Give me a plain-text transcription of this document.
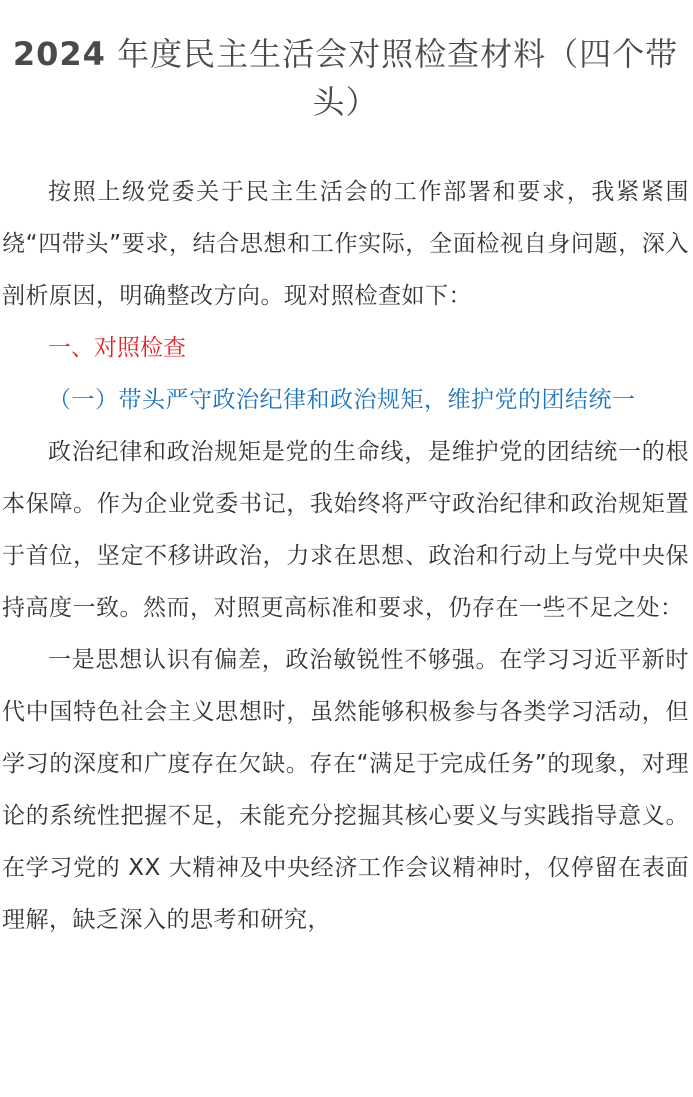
2024 年度民主生活会对照检查材料（四个带头）

按照上级党委关于民主生活会的工作部署和要求，我紧紧围绕“四带头”要求，结合思想和工作实际，全面检视自身问题，深入剖析原因，明确整改方向。现对照检查如下：

一、对照检查

（一）带头严守政治纪律和政治规矩，维护党的团结统一

政治纪律和政治规矩是党的生命线，是维护党的团结统一的根本保障。作为企业党委书记，我始终将严守政治纪律和政治规矩置于首位，坚定不移讲政治，力求在思想、政治和行动上与党中央保持高度一致。然而，对照更高标准和要求，仍存在一些不足之处：

一是思想认识有偏差，政治敏锐性不够强。在学习习近平新时代中国特色社会主义思想时，虽然能够积极参与各类学习活动，但学习的深度和广度存在欠缺。存在“满足于完成任务”的现象，对理论的系统性把握不足，未能充分挖掘其核心要义与实践指导意义。在学习党的 XX 大精神及中央经济工作会议精神时，仅停留在表面理解，缺乏深入的思考和研究，
